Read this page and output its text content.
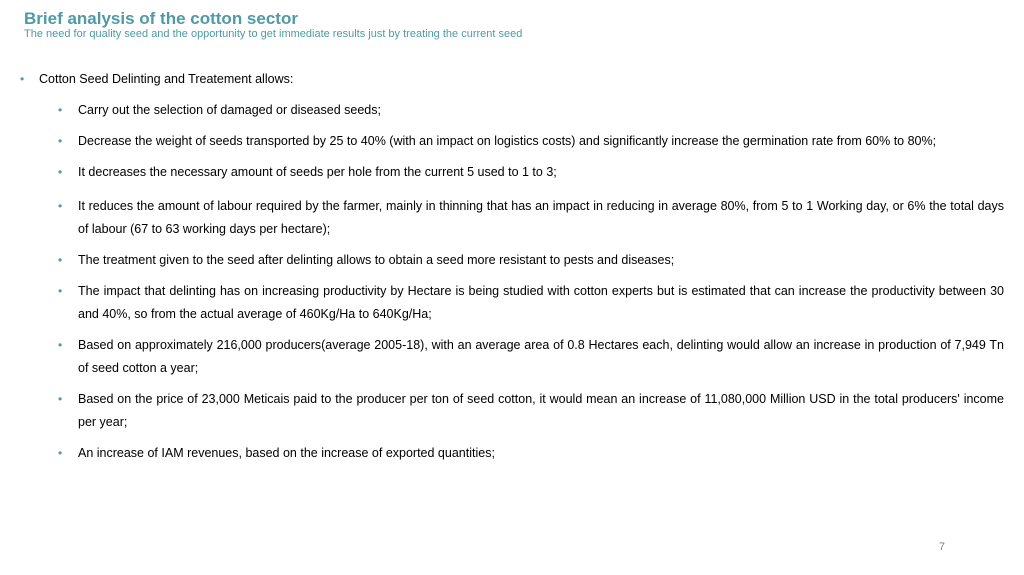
Brief analysis of the cotton sector
The need for quality seed and the opportunity to get immediate results just by treating the current seed
• Cotton Seed Delinting and Treatement allows:
• Carry out the selection of damaged or diseased seeds;
• Decrease the weight of seeds transported by 25 to 40% (with an impact on logistics costs) and significantly increase the germination rate from 60% to 80%;
• It decreases the necessary amount of seeds per hole from the current 5 used to 1 to 3;
• It reduces the amount of labour required by the farmer, mainly in thinning that has an impact in reducing in average 80%, from 5 to 1 Working day, or 6% the total days of labour (67 to 63 working days per hectare);
• The treatment given to the seed after delinting allows to obtain a seed more resistant to pests and diseases;
• The impact that delinting has on increasing productivity by Hectare is being studied with cotton experts but is estimated that can increase the productivity between 30 and 40%, so from the actual average of 460Kg/Ha to 640Kg/Ha;
• Based on approximately 216,000 producers(average 2005-18), with an average area of 0.8 Hectares each, delinting would allow an increase in production of 7,949 Tn of seed cotton a year;
• Based on the price of 23,000 Meticais paid to the producer per ton of seed cotton, it would mean an increase of 11,080,000 Million USD in the total producers' income per year;
• An increase of IAM revenues, based on the increase of exported quantities;
7
